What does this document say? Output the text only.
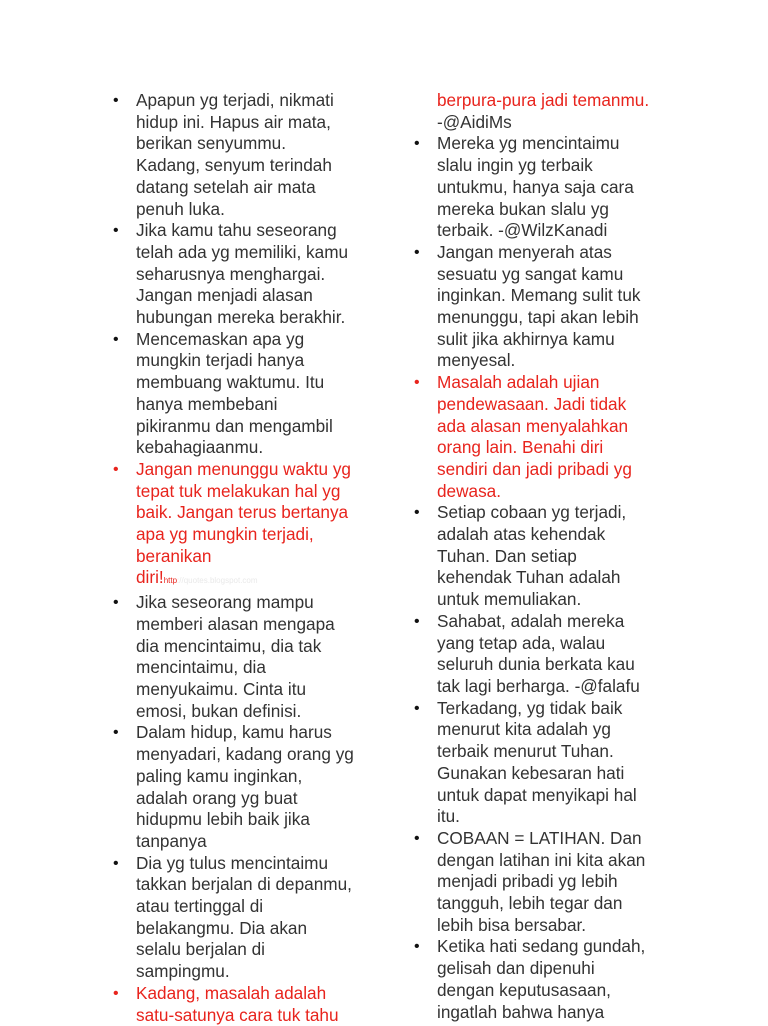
• Apapun yg terjadi, nikmati
hidup ini. Hapus air mata,
berikan senyummu.
Kadang, senyum terindah
datang setelah air mata
penuh luka.
• Jika kamu tahu seseorang
telah ada yg memiliki, kamu
seharusnya menghargai.
Jangan menjadi alasan
hubungan mereka berakhir.
• Mencemaskan apa yg
mungkin terjadi hanya
membuang waktumu. Itu
hanya membebani
pikiranmu dan mengambil
kebahagiaanmu.
• Jangan menunggu waktu yg
tepat tuk melakukan hal yg
baik. Jangan terus bertanya
apa yg mungkin terjadi,
beranikan
diri!http://quotes.blogspot.com
• Jika seseorang mampu
memberi alasan mengapa
dia mencintaimu, dia tak
mencintaimu, dia
menyukaimu. Cinta itu
emosi, bukan definisi.
• Dalam hidup, kamu harus
menyadari, kadang orang yg
paling kamu inginkan,
adalah orang yg buat
hidupmu lebih baik jika
tanpanya
• Dia yg tulus mencintaimu
takkan berjalan di depanmu,
atau tertinggal di
belakangmu. Dia akan
selalu berjalan di
sampingmu.
• Kadang, masalah adalah
satu-satunya cara tuk tahu
berpura-pura jadi temanmu.
-@AidiMs
• Mereka yg mencintaimu
slalu ingin yg terbaik
untukmu, hanya saja cara
mereka bukan slalu yg
terbaik. -@WilzKanadi
• Jangan menyerah atas
sesuatu yg sangat kamu
inginkan. Memang sulit tuk
menunggu, tapi akan lebih
sulit jika akhirnya kamu
menyesal.
• Masalah adalah ujian
pendewasaan. Jadi tidak
ada alasan menyalahkan
orang lain. Benahi diri
sendiri dan jadi pribadi yg
dewasa.
• Setiap cobaan yg terjadi,
adalah atas kehendak
Tuhan. Dan setiap
kehendak Tuhan adalah
untuk memuliakan.
• Sahabat, adalah mereka
yang tetap ada, walau
seluruh dunia berkata kau
tak lagi berharga. -@falafu
• Terkadang, yg tidak baik
menurut kita adalah yg
terbaik menurut Tuhan.
Gunakan kebesaran hati
untuk dapat menyikapi hal
itu.
• COBAAN = LATIHAN. Dan
dengan latihan ini kita akan
menjadi pribadi yg lebih
tangguh, lebih tegar dan
lebih bisa bersabar.
• Ketika hati sedang gundah,
gelisah dan dipenuhi
dengan keputusasaan,
ingatlah bahwa hanya
